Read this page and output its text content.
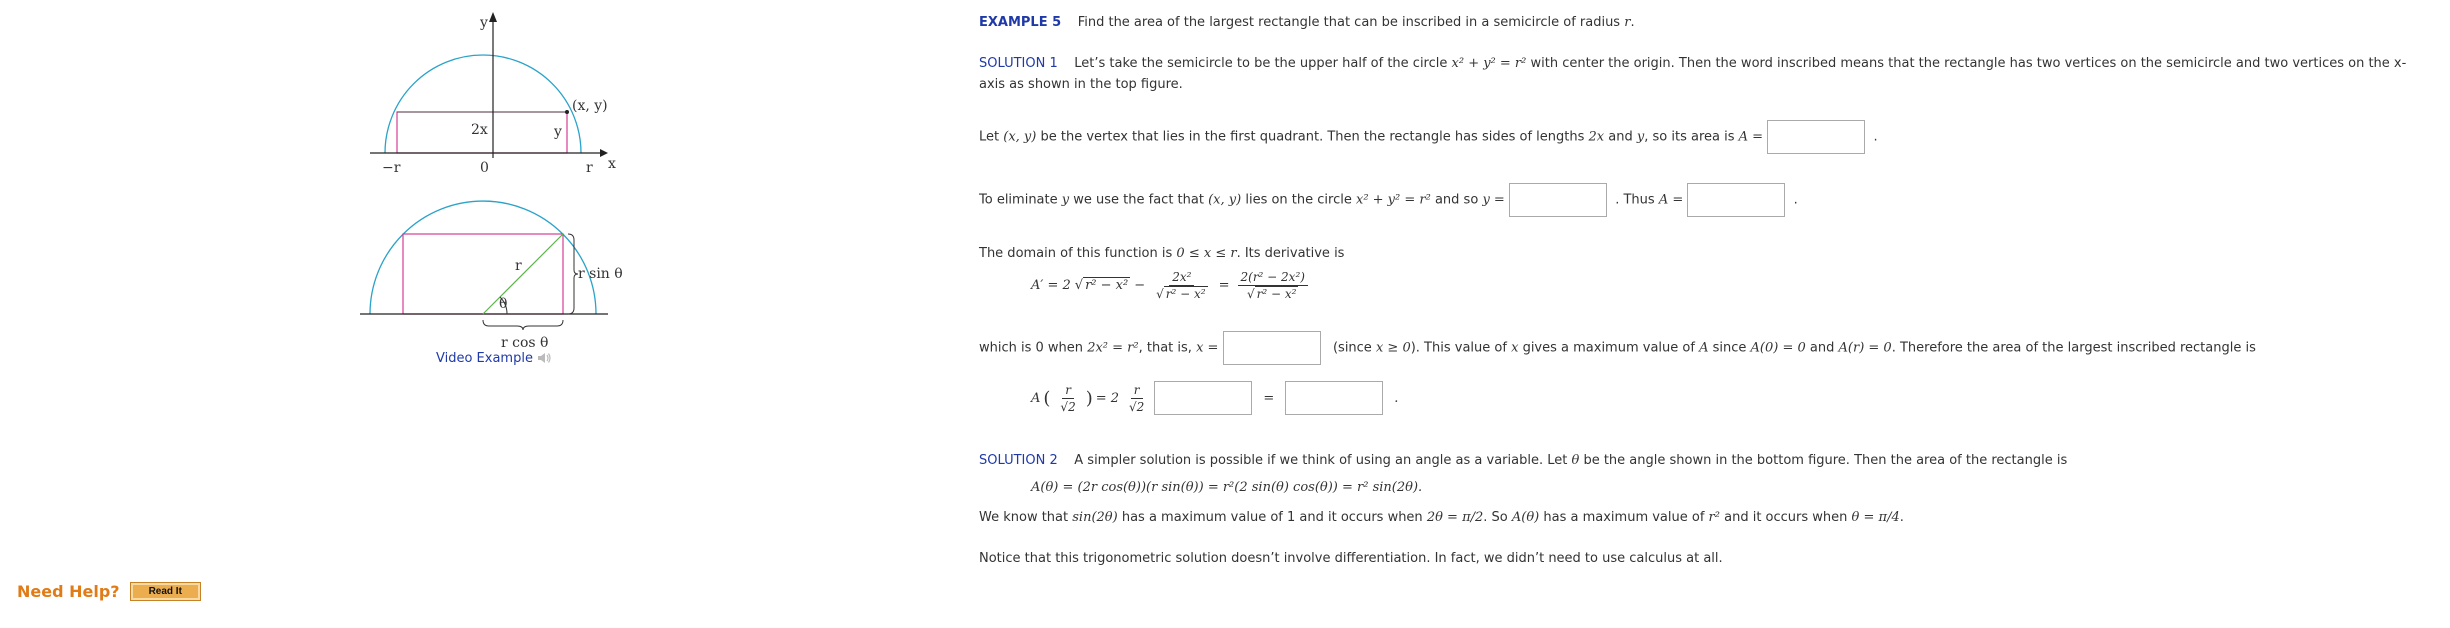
y
x
(x, y)
2x	y
−r	0	r
r
θ
r sin θ
r cos θ
Video Example
Need Help?	Read It
EXAMPLE 5 Find the area of the largest rectangle that can be inscribed in a semicircle of radius r.
SOLUTION 1 Let’s take the semicircle to be the upper half of the circle x² + y² = r² with center the origin. Then the word inscribed means that the rectangle has two vertices on the semicircle and two vertices on the x-
axis as shown in the top figure.
Let (x, y) be the vertex that lies in the first quadrant. Then the rectangle has sides of lengths 2x and y, so its area is A =	.
To eliminate y we use the fact that (x, y) lies on the circle x² + y² = r² and so y =	. Thus A =	.
The domain of this function is 0 ≤ x ≤ r. Its derivative is
A′ = 2 √ $r^2 - x^2 - \frac{\text{2x²}}{\text{√ r² − x²}} = \frac{\text{2(r² − 2x²)}}{\text{√ r² − x²}}$
which is 0 when 2x² = r², that is, x =	(since x ≥ 0). This value of x gives a maximum value of A since A(0) = 0 and A(r) = 0. Therefore the area of the largest inscribed rectangle is
A ( $\frac{r}{√2}$ ) = $2 \frac{r}{√2}$	=	.
SOLUTION 2 A simpler solution is possible if we think of using an angle as a variable. Let θ be the angle shown in the bottom figure. Then the area of the rectangle is
A(θ) = (2r cos(θ))(r sin(θ)) = r²(2 sin(θ) cos(θ)) = r² sin(2θ).
We know that sin(2θ) has a maximum value of 1 and it occurs when 2θ = π/2. So A(θ) has a maximum value of r² and it occurs when θ = π/4.
Notice that this trigonometric solution doesn’t involve differentiation. In fact, we didn’t need to use calculus at all.
